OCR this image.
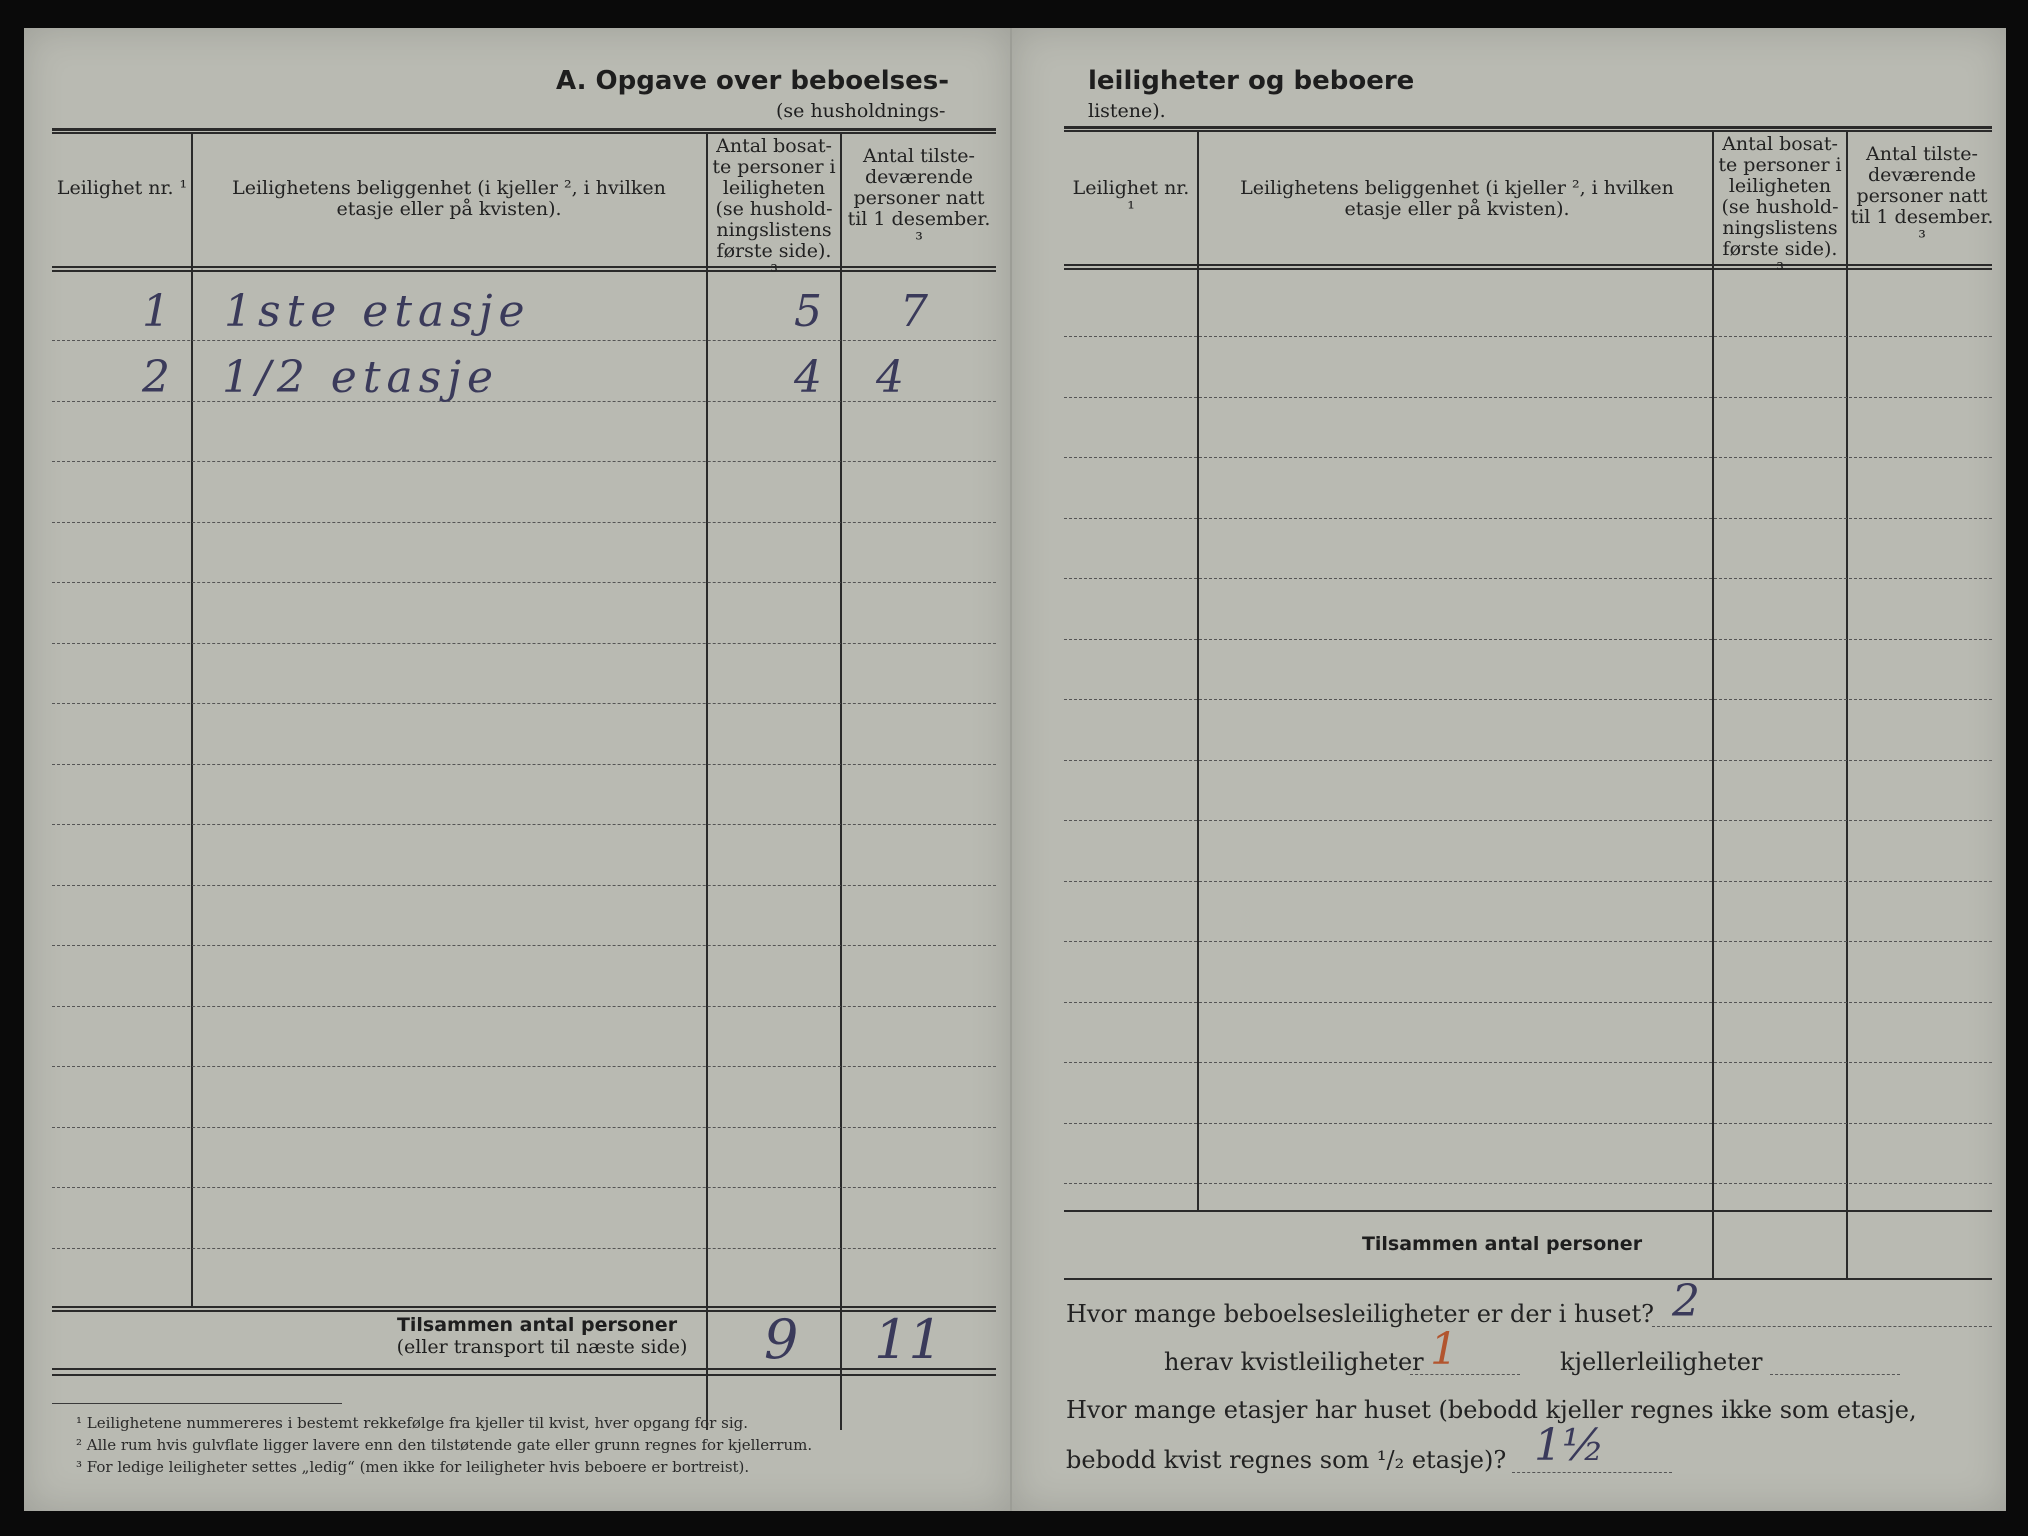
A. Opgave over beboelses-
(se husholdnings-
Leilighet nr. ¹	Leilighetens beliggenhet (i kjeller ², i hvilken etasje eller på kvisten).
Antal bosat-te personer i leiligheten (se hushold-ningslistens første side). ³
Antal tilste-deværende personer natt til 1 desember. ³
1 1ste etasje	5 7
2 1/2 etasje	4 4
Tilsammen antal personer
(eller transport til næste side) 9 11
¹ Leilighetene nummereres i bestemt rekkefølge fra kjeller til kvist, hver opgang for sig.
² Alle rum hvis gulvflate ligger lavere enn den tilstøtende gate eller grunn regnes for kjellerrum.
³ For ledige leiligheter settes „ledig“ (men ikke for leiligheter hvis beboere er bortreist).
leiligheter og beboere
listene).
Leilighet nr. ¹
Leilighetens beliggenhet (i kjeller ², i hvilken etasje eller på kvisten).
Antal bosat-te personer i leiligheten (se hushold-ningslistens første side). ³
Antal tilste-deværende personer natt til 1 desember. ³
Tilsammen antal personer
Hvor mange beboelsesleiligheter er der i huset? 2
herav kvistleiligheter 1	kjellerleiligheter
Hvor mange etasjer har huset (bebodd kjeller regnes ikke som etasje,
bebodd kvist regnes som ¹/₂ etasje)? 1½
